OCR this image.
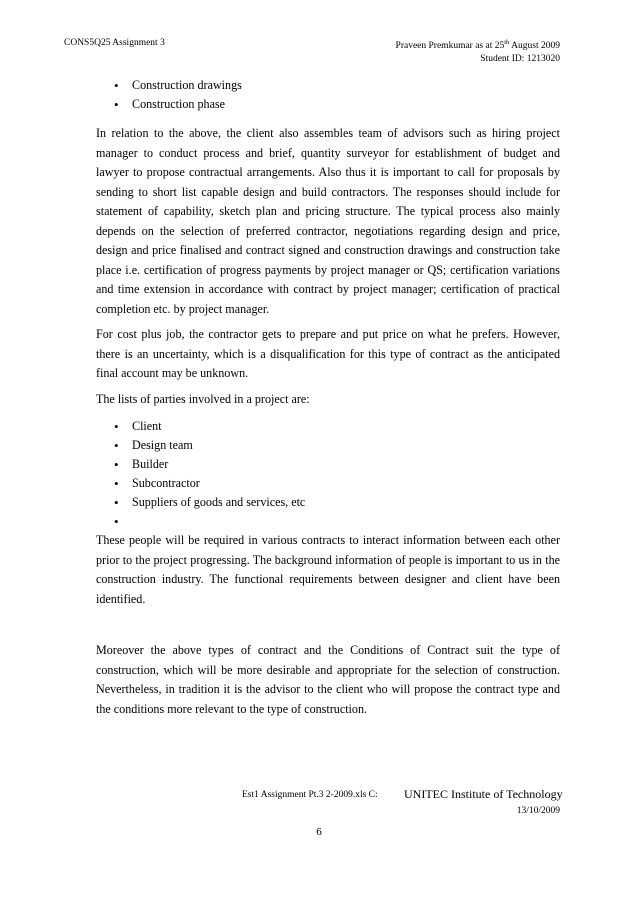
CONS5Q25 Assignment 3	Praveen Premkumar as at 25th August 2009
Student ID: 1213020
• Construction drawings
• Construction phase

In relation to the above, the client also assembles team of advisors such as hiring project manager to conduct process and brief, quantity surveyor for establishment of budget and lawyer to propose contractual arrangements. Also thus it is important to call for proposals by sending to short list capable design and build contractors. The responses should include for statement of capability, sketch plan and pricing structure. The typical process also mainly depends on the selection of preferred contractor, negotiations regarding design and price, design and price finalised and contract signed and construction drawings and construction take place i.e. certification of progress payments by project manager or QS; certification variations and time extension in accordance with contract by project manager; certification of practical completion etc. by project manager.

For cost plus job, the contractor gets to prepare and put price on what he prefers. However, there is an uncertainty, which is a disqualification for this type of contract as the anticipated final account may be unknown.

The lists of parties involved in a project are:

• Client
• Design team
• Builder
• Subcontractor
• Suppliers of goods and services, etc
•

These people will be required in various contracts to interact information between each other prior to the project progressing. The background information of people is important to us in the construction industry. The functional requirements between designer and client have been identified.

Moreover the above types of contract and the Conditions of Contract suit the type of construction, which will be more desirable and appropriate for the selection of construction. Nevertheless, in tradition it is the advisor to the client who will propose the contract type and the conditions more relevant to the type of construction.

Est1 Assignment Pt.3 2-2009.xls C: UNITEC Institute of Technology
13/10/2009
6
